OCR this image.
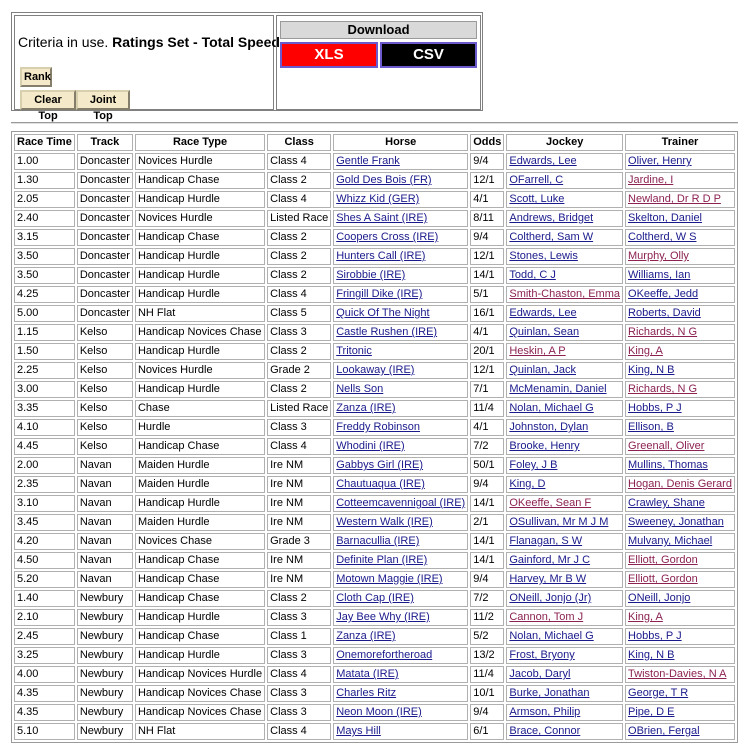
Criteria in use. Ratings Set - Total Speed
Rank
Clear Top
Joint Top
Download
XLS	CSV
Race Time	Track	Race Type	Class	Horse	Odds	Jockey	Trainer
1.00	Doncaster	Novices Hurdle	Class 4	Gentle Frank	9/4	Edwards, Lee	Oliver, Henry
1.30	Doncaster	Handicap Chase	Class 2	Gold Des Bois (FR)	12/1	OFarrell, C	Jardine, I
2.05	Doncaster	Handicap Hurdle	Class 4	Whizz Kid (GER)	4/1	Scott, Luke	Newland, Dr R D P
2.40	Doncaster	Novices Hurdle	Listed Race	Shes A Saint (IRE)	8/11	Andrews, Bridget	Skelton, Daniel
3.15	Doncaster	Handicap Chase	Class 2	Coopers Cross (IRE)	9/4	Coltherd, Sam W	Coltherd, W S
3.50	Doncaster	Handicap Hurdle	Class 2	Hunters Call (IRE)	12/1	Stones, Lewis	Murphy, Olly
3.50	Doncaster	Handicap Hurdle	Class 2	Sirobbie (IRE)	14/1	Todd, C J	Williams, Ian
4.25	Doncaster	Handicap Hurdle	Class 4	Fringill Dike (IRE)	5/1	Smith-Chaston, Emma	OKeeffe, Jedd
5.00	Doncaster	NH Flat	Class 5	Quick Of The Night	16/1	Edwards, Lee	Roberts, David
1.15	Kelso	Handicap Novices Chase	Class 3	Castle Rushen (IRE)	4/1	Quinlan, Sean	Richards, N G
1.50	Kelso	Handicap Hurdle	Class 2	Tritonic	20/1	Heskin, A P	King, A
2.25	Kelso	Novices Hurdle	Grade 2	Lookaway (IRE)	12/1	Quinlan, Jack	King, N B
3.00	Kelso	Handicap Hurdle	Class 2	Nells Son	7/1	McMenamin, Daniel	Richards, N G
3.35	Kelso	Chase	Listed Race	Zanza (IRE)	11/4	Nolan, Michael G	Hobbs, P J
4.10	Kelso	Hurdle	Class 3	Freddy Robinson	4/1	Johnston, Dylan	Ellison, B
4.45	Kelso	Handicap Chase	Class 4	Whodini (IRE)	7/2	Brooke, Henry	Greenall, Oliver
2.00	Navan	Maiden Hurdle	Ire NM	Gabbys Girl (IRE)	50/1	Foley, J B	Mullins, Thomas
2.35	Navan	Maiden Hurdle	Ire NM	Chautuaqua (IRE)	9/4	King, D	Hogan, Denis Gerard
3.10	Navan	Handicap Hurdle	Ire NM	Cotteemcavennigoal (IRE)	14/1	OKeeffe, Sean F	Crawley, Shane
3.45	Navan	Maiden Hurdle	Ire NM	Western Walk (IRE)	2/1	OSullivan, Mr M J M	Sweeney, Jonathan
4.20	Navan	Novices Chase	Grade 3	Barnacullia (IRE)	14/1	Flanagan, S W	Mulvany, Michael
4.50	Navan	Handicap Chase	Ire NM	Definite Plan (IRE)	14/1	Gainford, Mr J C	Elliott, Gordon
5.20	Navan	Handicap Chase	Ire NM	Motown Maggie (IRE)	9/4	Harvey, Mr B W	Elliott, Gordon
1.40	Newbury	Handicap Chase	Class 2	Cloth Cap (IRE)	7/2	ONeill, Jonjo (Jr)	ONeill, Jonjo
2.10	Newbury	Handicap Hurdle	Class 3	Jay Bee Why (IRE)	11/2	Cannon, Tom J	King, A
2.45	Newbury	Handicap Chase	Class 1	Zanza (IRE)	5/2	Nolan, Michael G	Hobbs, P J
3.25	Newbury	Handicap Hurdle	Class 3	Onemorefortheroad	13/2	Frost, Bryony	King, N B
4.00	Newbury	Handicap Novices Hurdle	Class 4	Matata (IRE)	11/4	Jacob, Daryl	Twiston-Davies, N A
4.35	Newbury	Handicap Novices Chase	Class 3	Charles Ritz	10/1	Burke, Jonathan	George, T R
4.35	Newbury	Handicap Novices Chase	Class 3	Neon Moon (IRE)	9/4	Armson, Philip	Pipe, D E
5.10	Newbury	NH Flat	Class 4	Mays Hill	6/1	Brace, Connor	OBrien, Fergal
